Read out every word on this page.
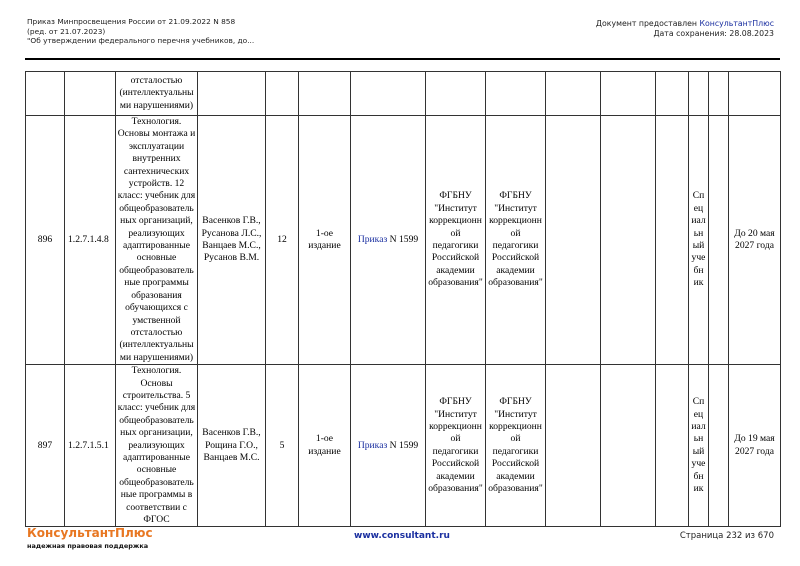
Приказ Минпросвещения России от 21.09.2022 N 858
(ред. от 21.07.2023)
"Об утверждении федерального перечня учебников, до...
Документ предоставлен КонсультантПлюс
Дата сохранения: 28.08.2023
		отсталостью (интеллектуальны ми нарушениями)												
896	1.2.7.1.4.8	Технология. Основы монтажа и эксплуатации внутренних сантехнических устройств. 12 класс: учебник для общеобразователь ных организаций, реализующих адаптированные основные общеобразователь ные программы образования обучающихся с умственной отсталостью (интеллектуальны ми нарушениями)	Васенков Г.В., Русанова Л.С., Ванцаев М.С., Русанов В.М.	12	1-ое издание	Приказ N 1599	ФГБНУ "Институт коррекционн ой педагогики Российской академии образования"	ФГБНУ "Институт коррекционн ой педагогики Российской академии образования"				Сп ец иал ьн ый уче бн ик		До 20 мая 2027 года
897	1.2.7.1.5.1	Технология. Основы строительства. 5 класс: учебник для общеобразователь ных организации, реализующих адаптированные основные общеобразователь ные программы в соответствии с ФГОС	Васенков Г.В., Рощина Г.О., Ванцаев М.С.	5	1-ое издание	Приказ N 1599	ФГБНУ "Институт коррекционн ой педагогики Российской академии образования"	ФГБНУ "Институт коррекционн ой педагогики Российской академии образования"				Сп ец иал ьн ый уче бн ик		До 19 мая 2027 года
КонсультантПлюс
надежная правовая поддержка
www.consultant.ru	Страница 232 из 670
